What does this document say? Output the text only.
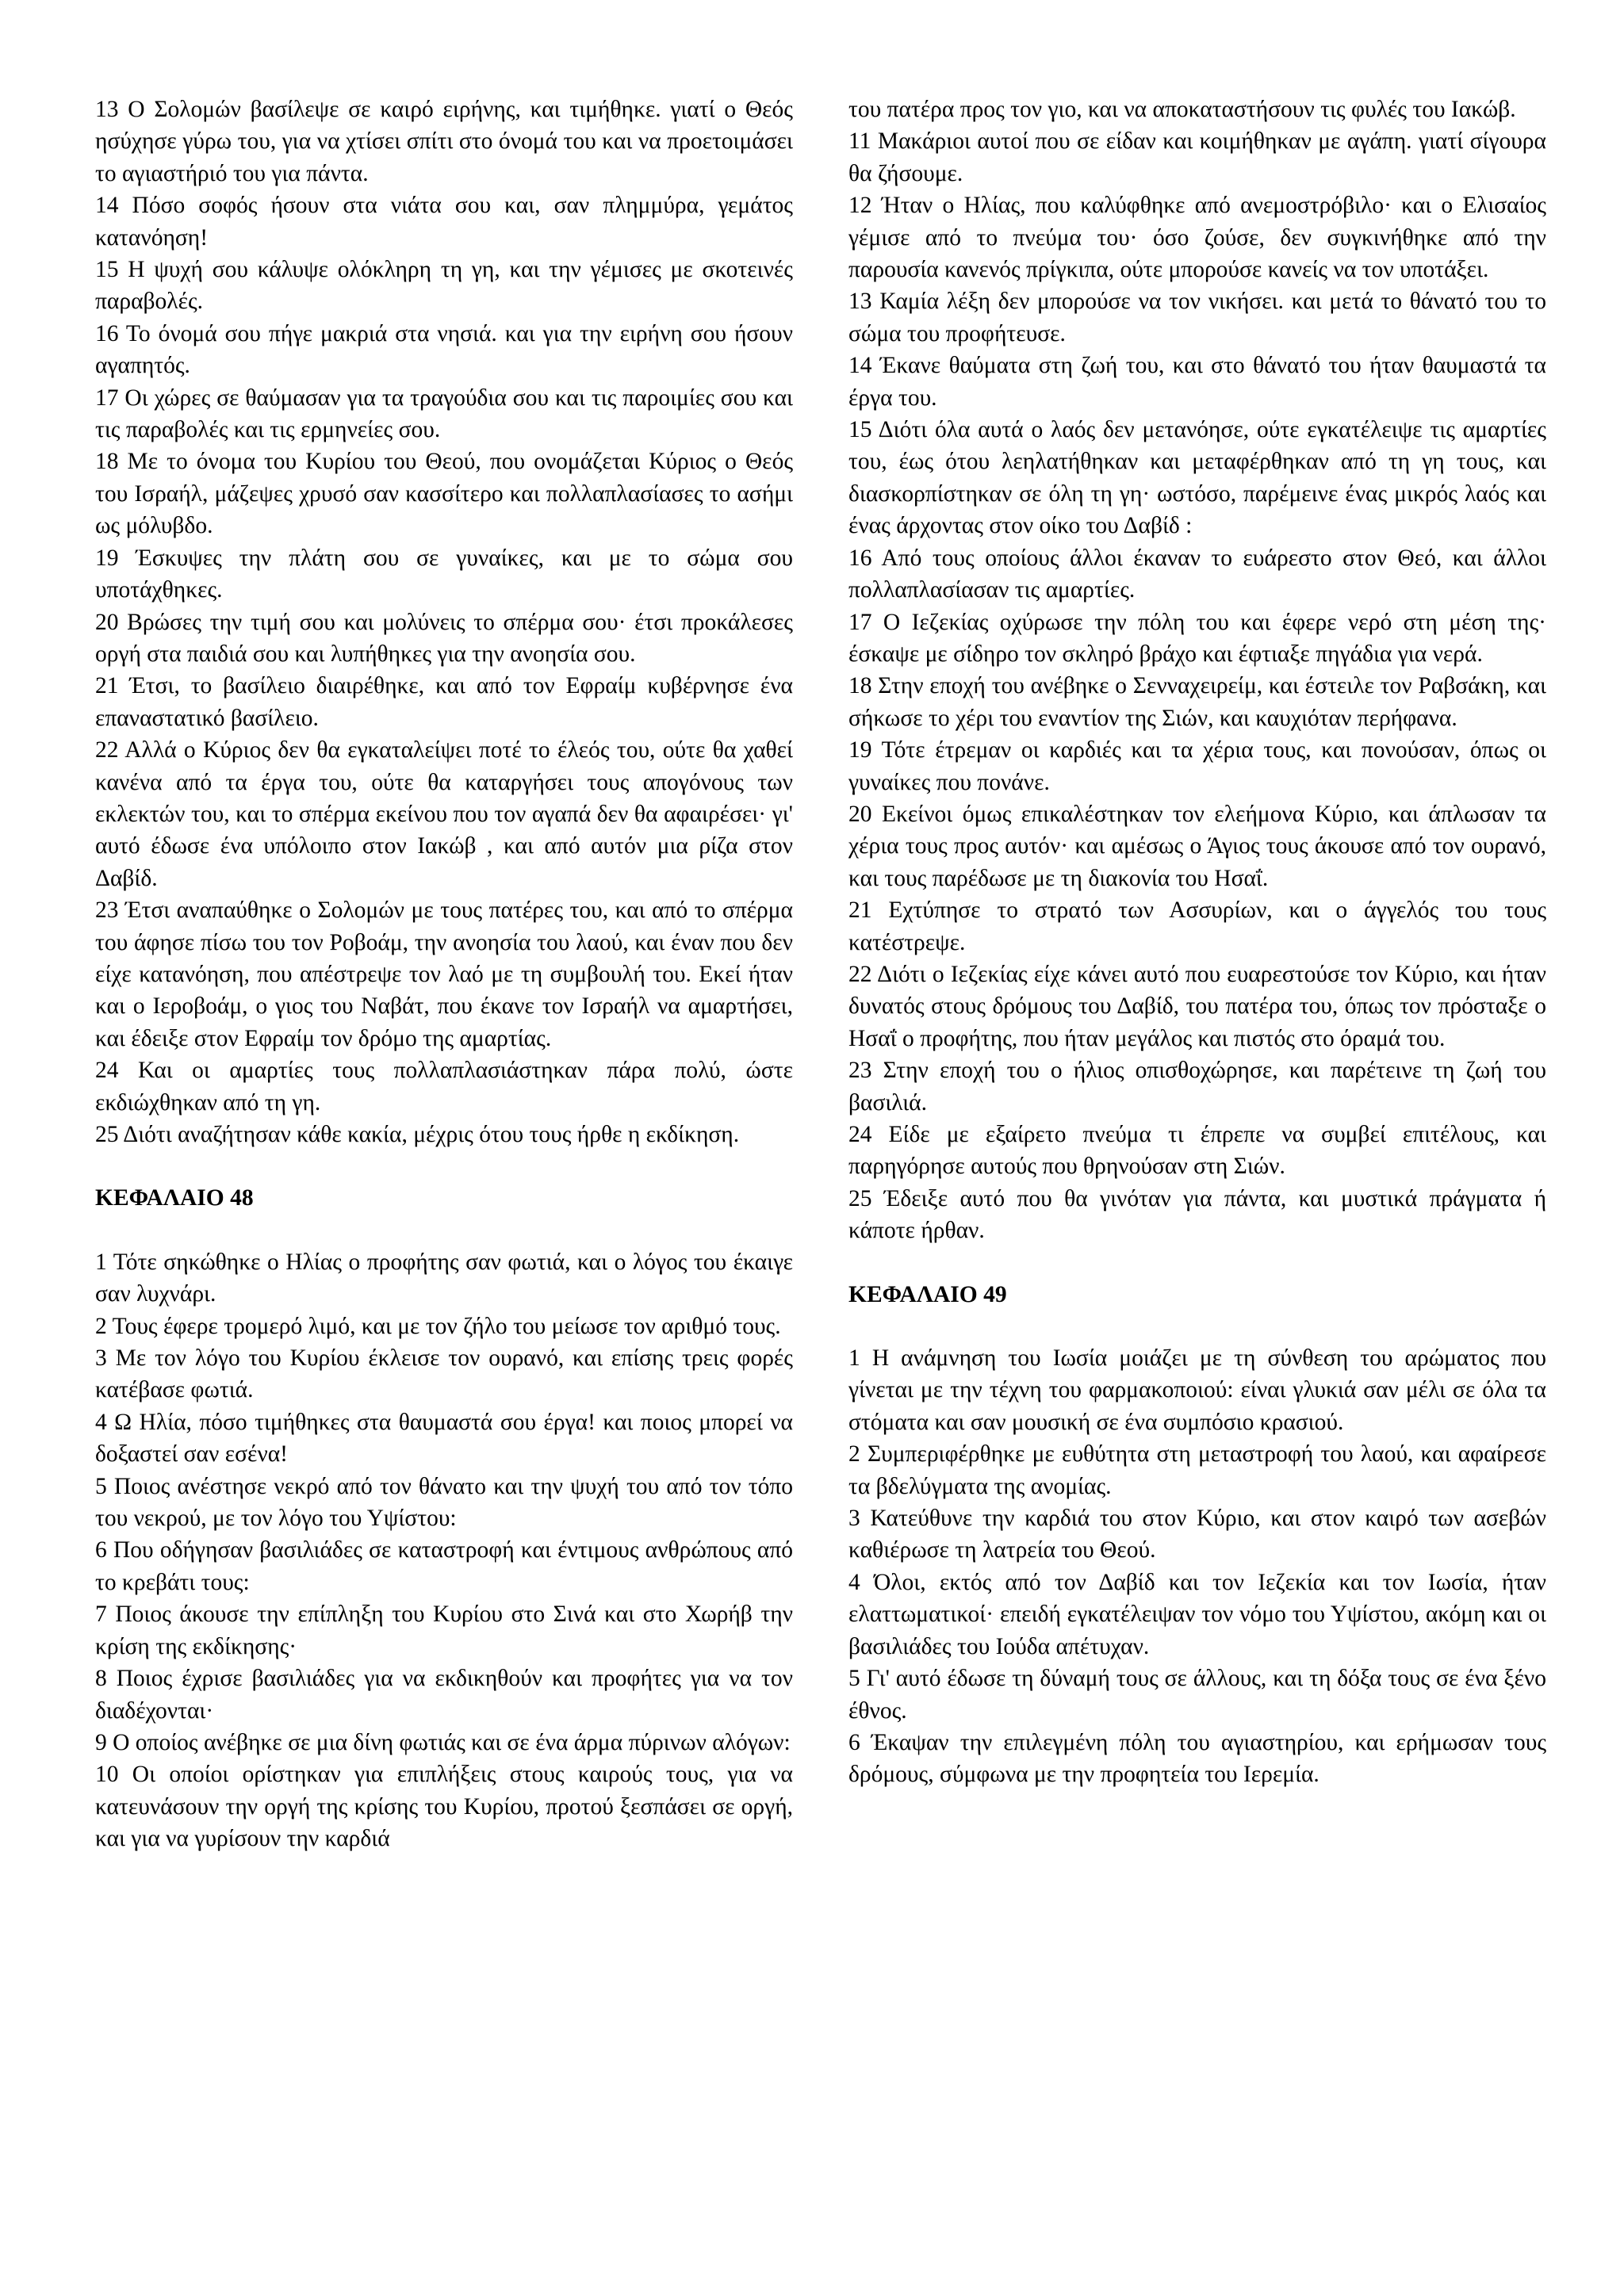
13 Ο Σολομών βασίλεψε σε καιρό ειρήνης, και τιμήθηκε. γιατί ο Θεός ησύχησε γύρω του, για να χτίσει σπίτι στο όνομά του και να προετοιμάσει το αγιαστήριό του για πάντα.

14 Πόσο σοφός ήσουν στα νιάτα σου και, σαν πλημμύρα, γεμάτος κατανόηση!

15 Η ψυχή σου κάλυψε ολόκληρη τη γη, και την γέμισες με σκοτεινές παραβολές.

16 Το όνομά σου πήγε μακριά στα νησιά. και για την ειρήνη σου ήσουν αγαπητός.

17 Οι χώρες σε θαύμασαν για τα τραγούδια σου και τις παροιμίες σου και τις παραβολές και τις ερμηνείες σου.

18 Με το όνομα του Κυρίου του Θεού, που ονομάζεται Κύριος ο Θεός του Ισραήλ, μάζεψες χρυσό σαν κασσίτερο και πολλαπλασίασες το ασήμι ως μόλυβδο.

19 Έσκυψες την πλάτη σου σε γυναίκες, και με το σώμα σου υποτάχθηκες.

20 Βρώσες την τιμή σου και μολύνεις το σπέρμα σου· έτσι προκάλεσες οργή στα παιδιά σου και λυπήθηκες για την ανοησία σου.

21 Έτσι, το βασίλειο διαιρέθηκε, και από τον Εφραίμ κυβέρνησε ένα επαναστατικό βασίλειο.

22 Αλλά ο Κύριος δεν θα εγκαταλείψει ποτέ το έλεός του, ούτε θα χαθεί κανένα από τα έργα του, ούτε θα καταργήσει τους απογόνους των εκλεκτών του, και το σπέρμα εκείνου που τον αγαπά δεν θα αφαιρέσει· γι' αυτό έδωσε ένα υπόλοιπο στον Ιακώβ , και από αυτόν μια ρίζα στον Δαβίδ.

23 Έτσι αναπαύθηκε ο Σολομών με τους πατέρες του, και από το σπέρμα του άφησε πίσω του τον Ροβοάμ, την ανοησία του λαού, και έναν που δεν είχε κατανόηση, που απέστρεψε τον λαό με τη συμβουλή του. Εκεί ήταν και ο Ιεροβοάμ, ο γιος του Ναβάτ, που έκανε τον Ισραήλ να αμαρτήσει, και έδειξε στον Εφραίμ τον δρόμο της αμαρτίας.

24 Και οι αμαρτίες τους πολλαπλασιάστηκαν πάρα πολύ, ώστε εκδιώχθηκαν από τη γη.

25 Διότι αναζήτησαν κάθε κακία, μέχρις ότου τους ήρθε η εκδίκηση.

ΚΕΦΑΛΑΙΟ 48

1 Τότε σηκώθηκε ο Ηλίας ο προφήτης σαν φωτιά, και ο λόγος του έκαιγε σαν λυχνάρι.

2 Τους έφερε τρομερό λιμό, και με τον ζήλο του μείωσε τον αριθμό τους.

3 Με τον λόγο του Κυρίου έκλεισε τον ουρανό, και επίσης τρεις φορές κατέβασε φωτιά.

4 Ω Ηλία, πόσο τιμήθηκες στα θαυμαστά σου έργα! και ποιος μπορεί να δοξαστεί σαν εσένα!

5 Ποιος ανέστησε νεκρό από τον θάνατο και την ψυχή του από τον τόπο του νεκρού, με τον λόγο του Υψίστου:

6 Που οδήγησαν βασιλιάδες σε καταστροφή και έντιμους ανθρώπους από το κρεβάτι τους:

7 Ποιος άκουσε την επίπληξη του Κυρίου στο Σινά και στο Χωρήβ την κρίση της εκδίκησης·

8 Ποιος έχρισε βασιλιάδες για να εκδικηθούν και προφήτες για να τον διαδέχονται·

9 Ο οποίος ανέβηκε σε μια δίνη φωτιάς και σε ένα άρμα πύρινων αλόγων:

10 Οι οποίοι ορίστηκαν για επιπλήξεις στους καιρούς τους, για να κατευνάσουν την οργή της κρίσης του Κυρίου, προτού ξεσπάσει σε οργή, και για να γυρίσουν την καρδιά

του πατέρα προς τον γιο, και να αποκαταστήσουν τις φυλές του Ιακώβ.

11 Μακάριοι αυτοί που σε είδαν και κοιμήθηκαν με αγάπη. γιατί σίγουρα θα ζήσουμε.

12 Ήταν ο Ηλίας, που καλύφθηκε από ανεμοστρόβιλο· και ο Ελισαίος γέμισε από το πνεύμα του· όσο ζούσε, δεν συγκινήθηκε από την παρουσία κανενός πρίγκιπα, ούτε μπορούσε κανείς να τον υποτάξει.

13 Καμία λέξη δεν μπορούσε να τον νικήσει. και μετά το θάνατό του το σώμα του προφήτευσε.

14 Έκανε θαύματα στη ζωή του, και στο θάνατό του ήταν θαυμαστά τα έργα του.

15 Διότι όλα αυτά ο λαός δεν μετανόησε, ούτε εγκατέλειψε τις αμαρτίες του, έως ότου λεηλατήθηκαν και μεταφέρθηκαν από τη γη τους, και διασκορπίστηκαν σε όλη τη γη· ωστόσο, παρέμεινε ένας μικρός λαός και ένας άρχοντας στον οίκο του Δαβίδ :

16 Από τους οποίους άλλοι έκαναν το ευάρεστο στον Θεό, και άλλοι πολλαπλασίασαν τις αμαρτίες.

17 Ο Ιεζεκίας οχύρωσε την πόλη του και έφερε νερό στη μέση της· έσκαψε με σίδηρο τον σκληρό βράχο και έφτιαξε πηγάδια για νερά.

18 Στην εποχή του ανέβηκε ο Σενναχειρείμ, και έστειλε τον Ραβσάκη, και σήκωσε το χέρι του εναντίον της Σιών, και καυχιόταν περήφανα.

19 Τότε έτρεμαν οι καρδιές και τα χέρια τους, και πονούσαν, όπως οι γυναίκες που πονάνε.

20 Εκείνοι όμως επικαλέστηκαν τον ελεήμονα Κύριο, και άπλωσαν τα χέρια τους προς αυτόν· και αμέσως ο Άγιος τους άκουσε από τον ουρανό, και τους παρέδωσε με τη διακονία του Ησαΐ.

21 Εχτύπησε το στρατό των Ασσυρίων, και ο άγγελός του τους κατέστρεψε.

22 Διότι ο Ιεζεκίας είχε κάνει αυτό που ευαρεστούσε τον Κύριο, και ήταν δυνατός στους δρόμους του Δαβίδ, του πατέρα του, όπως τον πρόσταξε ο Ησαΐ ο προφήτης, που ήταν μεγάλος και πιστός στο όραμά του.

23 Στην εποχή του ο ήλιος οπισθοχώρησε, και παρέτεινε τη ζωή του βασιλιά.

24 Είδε με εξαίρετο πνεύμα τι έπρεπε να συμβεί επιτέλους, και παρηγόρησε αυτούς που θρηνούσαν στη Σιών.

25 Έδειξε αυτό που θα γινόταν για πάντα, και μυστικά πράγματα ή κάποτε ήρθαν.

ΚΕΦΑΛΑΙΟ 49

1 Η ανάμνηση του Ιωσία μοιάζει με τη σύνθεση του αρώματος που γίνεται με την τέχνη του φαρμακοποιού: είναι γλυκιά σαν μέλι σε όλα τα στόματα και σαν μουσική σε ένα συμπόσιο κρασιού.

2 Συμπεριφέρθηκε με ευθύτητα στη μεταστροφή του λαού, και αφαίρεσε τα βδελύγματα της ανομίας.

3 Κατεύθυνε την καρδιά του στον Κύριο, και στον καιρό των ασεβών καθιέρωσε τη λατρεία του Θεού.

4 Όλοι, εκτός από τον Δαβίδ και τον Ιεζεκία και τον Ιωσία, ήταν ελαττωματικοί· επειδή εγκατέλειψαν τον νόμο του Υψίστου, ακόμη και οι βασιλιάδες του Ιούδα απέτυχαν.

5 Γι' αυτό έδωσε τη δύναμή τους σε άλλους, και τη δόξα τους σε ένα ξένο έθνος.

6 Έκαψαν την επιλεγμένη πόλη του αγιαστηρίου, και ερήμωσαν τους δρόμους, σύμφωνα με την προφητεία του Ιερεμία.
